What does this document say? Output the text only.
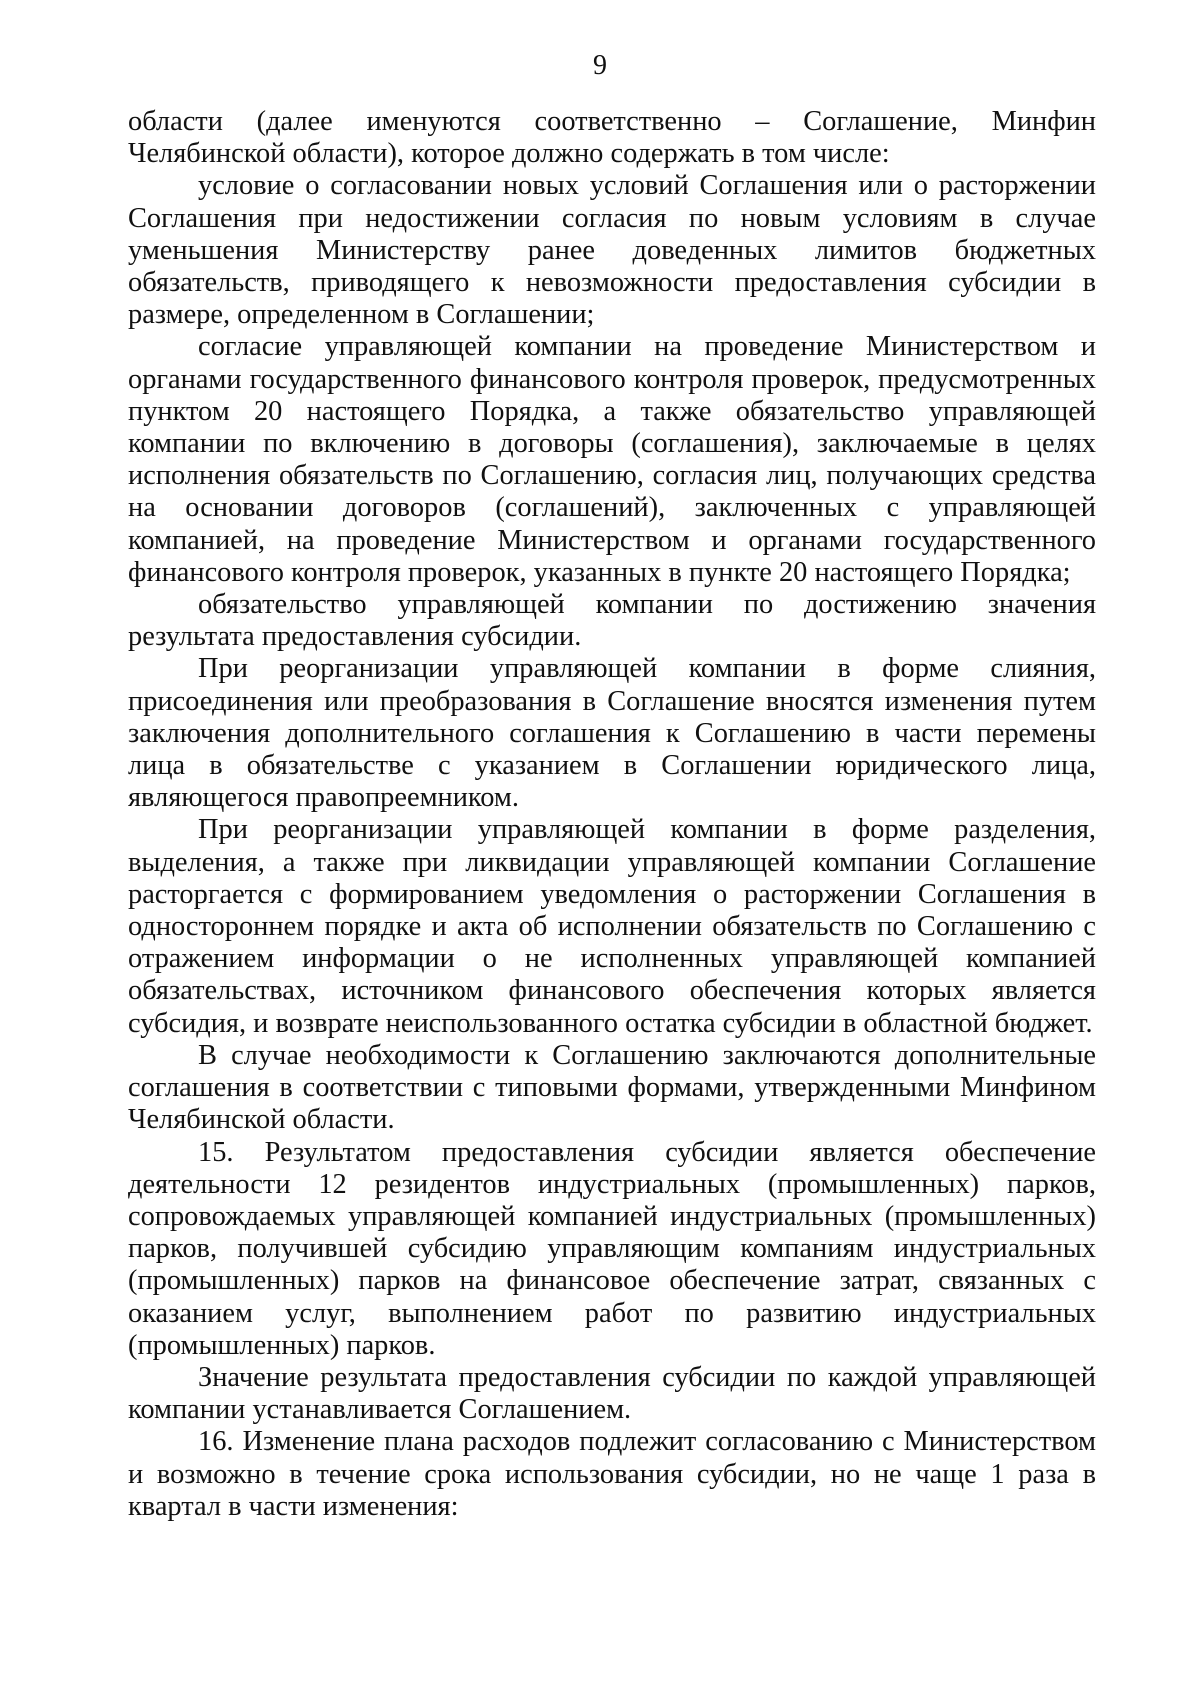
9

области (далее именуются соответственно – Соглашение, Минфин Челябинской области), которое должно содержать в том числе:

условие о согласовании новых условий Соглашения или о расторжении Соглашения при недостижении согласия по новым условиям в случае уменьшения Министерству ранее доведенных лимитов бюджетных обязательств, приводящего к невозможности предоставления субсидии в размере, определенном в Соглашении;

согласие управляющей компании на проведение Министерством и органами государственного финансового контроля проверок, предусмотренных пунктом 20 настоящего Порядка, а также обязательство управляющей компании по включению в договоры (соглашения), заключаемые в целях исполнения обязательств по Соглашению, согласия лиц, получающих средства на основании договоров (соглашений), заключенных с управляющей компанией, на проведение Министерством и органами государственного финансового контроля проверок, указанных в пункте 20 настоящего Порядка;

обязательство управляющей компании по достижению значения результата предоставления субсидии.

При реорганизации управляющей компании в форме слияния, присоединения или преобразования в Соглашение вносятся изменения путем заключения дополнительного соглашения к Соглашению в части перемены лица в обязательстве с указанием в Соглашении юридического лица, являющегося правопреемником.

При реорганизации управляющей компании в форме разделения, выделения, а также при ликвидации управляющей компании Соглашение расторгается с формированием уведомления о расторжении Соглашения в одностороннем порядке и акта об исполнении обязательств по Соглашению с отражением информации о не исполненных управляющей компанией обязательствах, источником финансового обеспечения которых является субсидия, и возврате неиспользованного остатка субсидии в областной бюджет.

В случае необходимости к Соглашению заключаются дополнительные соглашения в соответствии с типовыми формами, утвержденными Минфином Челябинской области.

15. Результатом предоставления субсидии является обеспечение деятельности 12 резидентов индустриальных (промышленных) парков, сопровождаемых управляющей компанией индустриальных (промышленных) парков, получившей субсидию управляющим компаниям индустриальных (промышленных) парков на финансовое обеспечение затрат, связанных с оказанием услуг, выполнением работ по развитию индустриальных (промышленных) парков.

Значение результата предоставления субсидии по каждой управляющей компании устанавливается Соглашением.

16. Изменение плана расходов подлежит согласованию с Министерством и возможно в течение срока использования субсидии, но не чаще 1 раза в квартал в части изменения:
